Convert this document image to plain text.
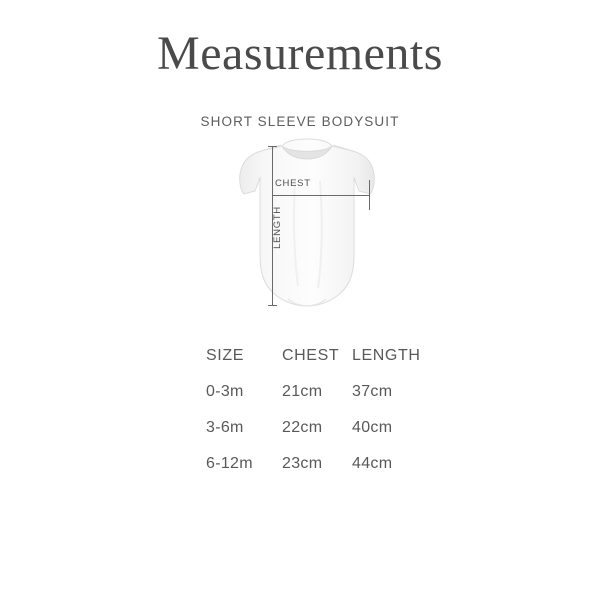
Measurements
SHORT SLEEVE BODYSUIT
CHEST
LENGTH
SIZE	CHEST	LENGTH
0-3m	21cm	37cm
3-6m	22cm	40cm
6-12m	23cm	44cm
